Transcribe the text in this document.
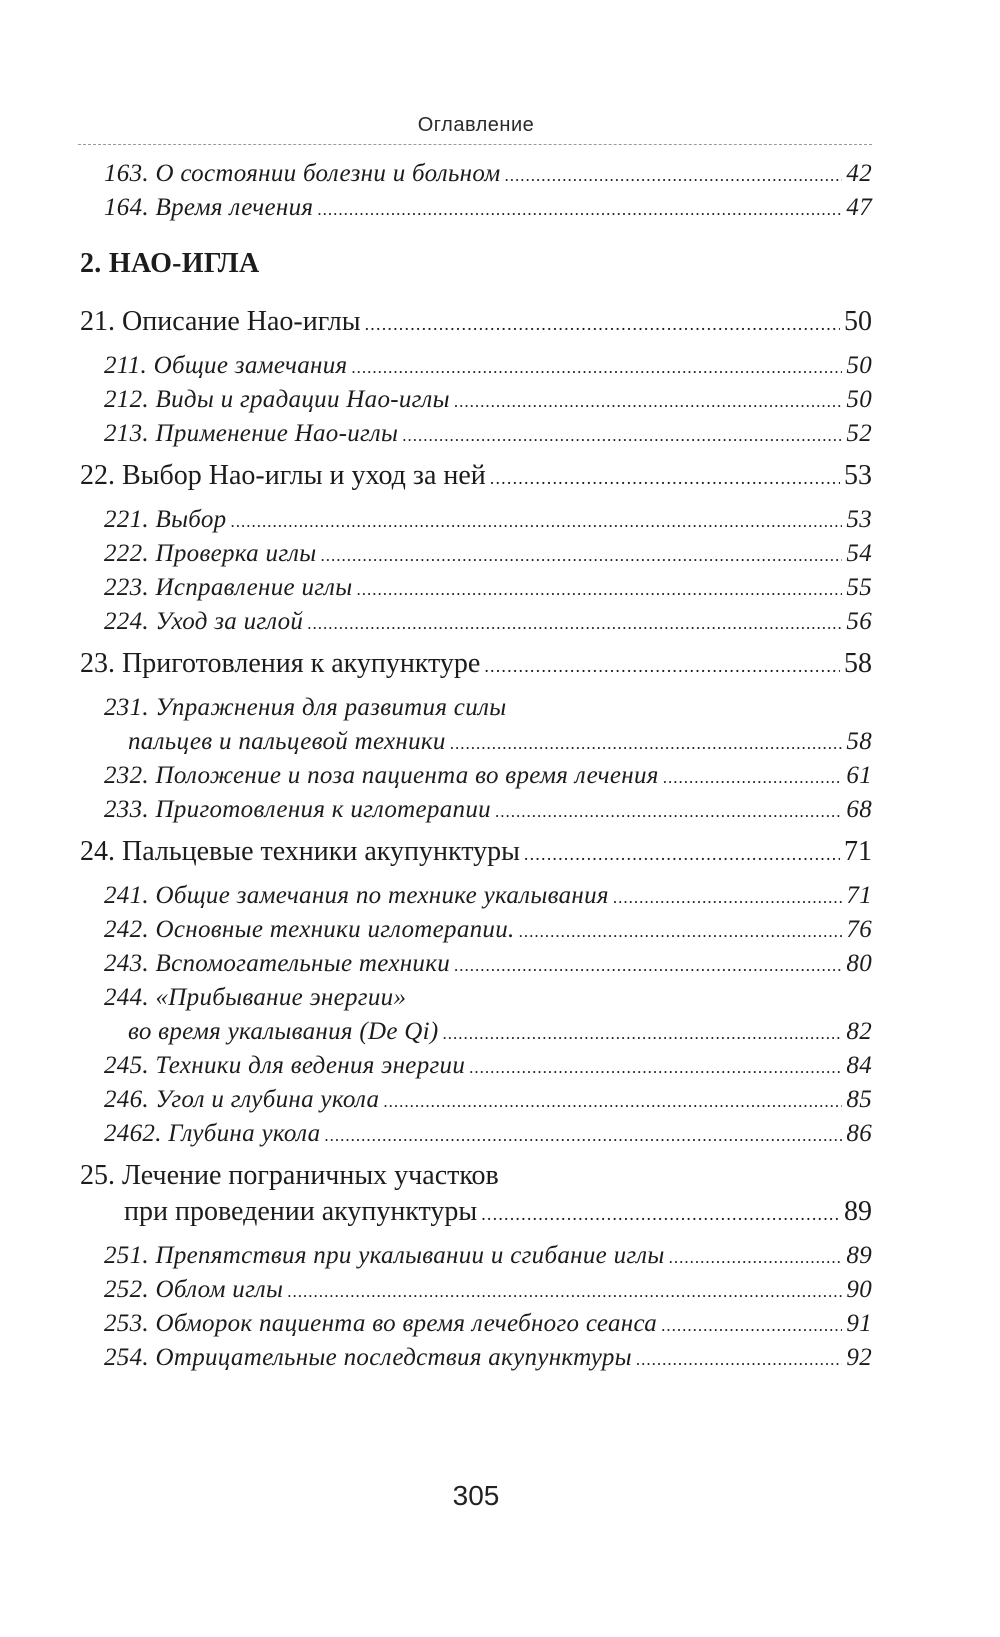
Оглавление
163. О состоянии болезни и больном .....	42
164. Время лечения .....	47
2. НАО-ИГЛА
21. Описание Нао-иглы .....	50
211. Общие замечания .....	50
212. Виды и градации Нао-иглы .....	50
213. Применение Нао-иглы .....	52
22. Выбор Нао-иглы и уход за ней .....	53
221. Выбор .....	53
222. Проверка иглы .....	54
223. Исправление иглы .....	55
224. Уход за иглой .....	56
23. Приготовления к акупунктуре .....	58
231. Упражнения для развития силы
пальцев и пальцевой техники .....	58
232. Положение и поза пациента во время лечения .....	61
233. Приготовления к иглотерапии .....	68
24. Пальцевые техники акупунктуры .....	71
241. Общие замечания по технике укалывания .....	71
242. Основные техники иглотерапии. .....	76
243. Вспомогательные техники .....	80
244. «Прибывание энергии»
во время укалывания (De Qi) .....	82
245. Техники для ведения энергии .....	84
246. Угол и глубина укола .....	85
2462. Глубина укола .....	86
25. Лечение пограничных участков
при проведении акупунктуры .....	89
251. Препятствия при укалывании и сгибание иглы .....	89
252. Облом иглы .....	90
253. Обморок пациента во время лечебного сеанса .....	91
254. Отрицательные последствия акупунктуры .....	92
305
